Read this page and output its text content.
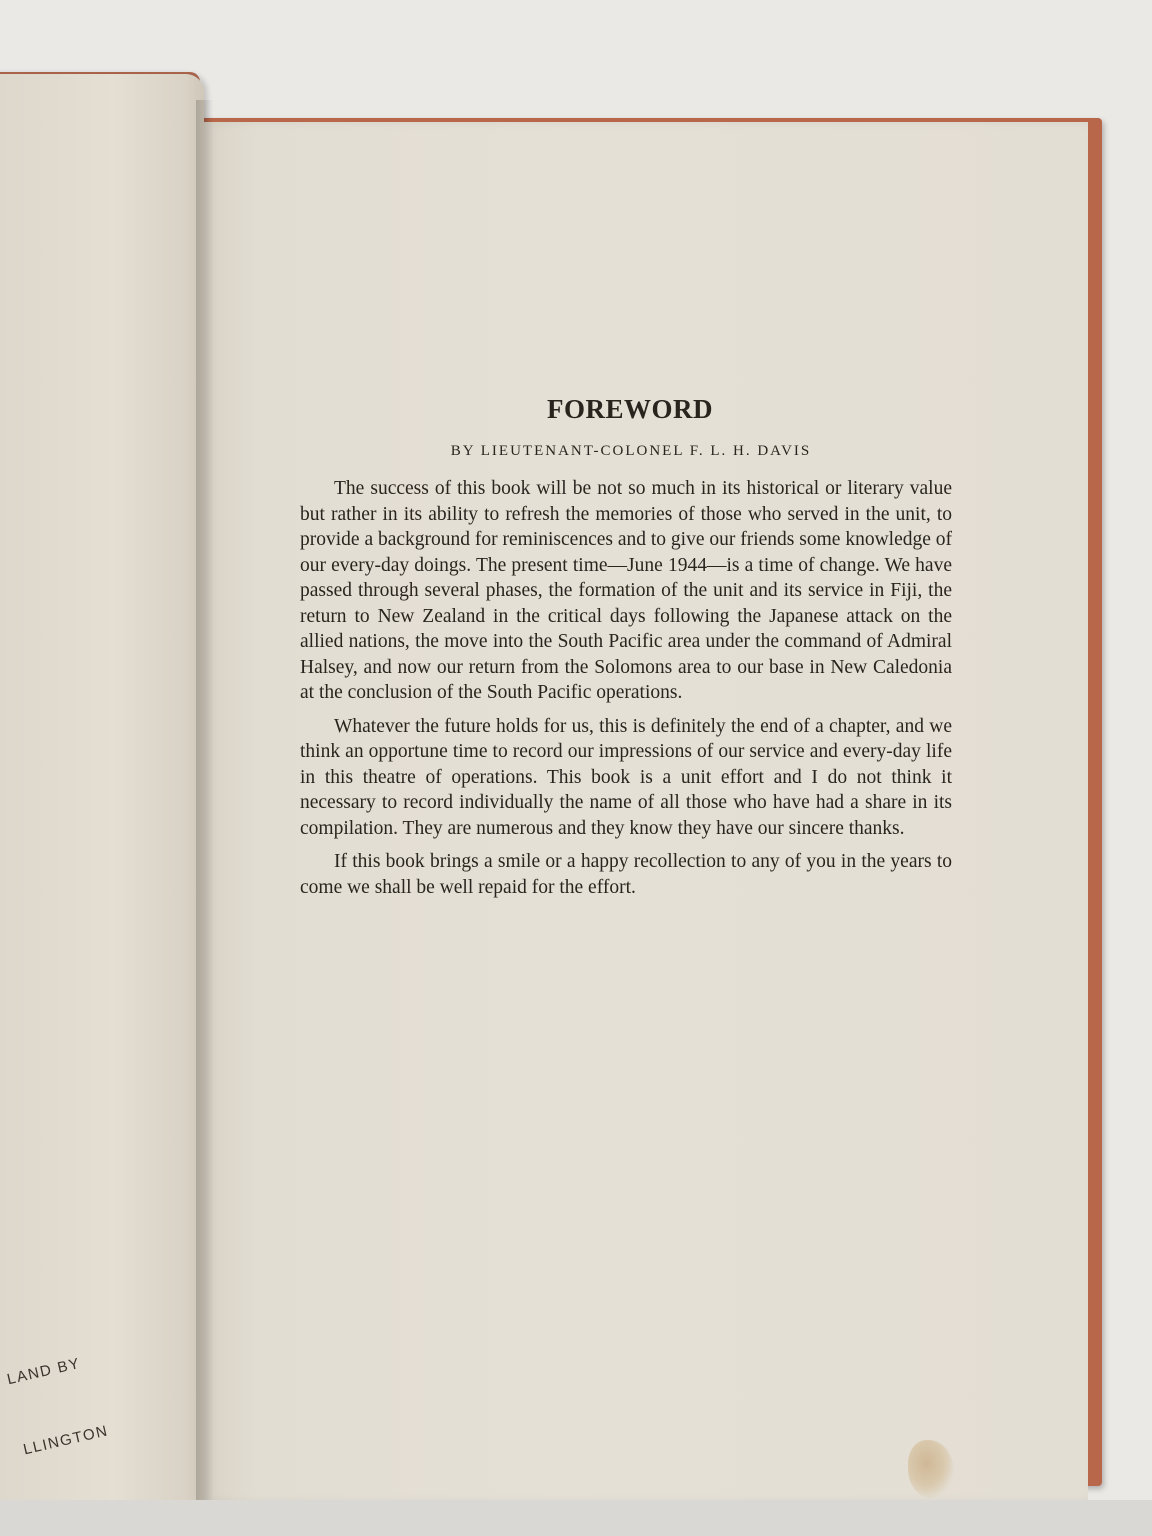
LAND BY

LLINGTON

FOREWORD
BY LIEUTENANT-COLONEL F. L. H. DAVIS

The success of this book will be not so much in its historical or literary value but rather in its ability to refresh the memories of those who served in the unit, to provide a background for reminiscences and to give our friends some knowledge of our every-day doings. The present time—June 1944—is a time of change. We have passed through several phases, the formation of the unit and its service in Fiji, the return to New Zealand in the critical days following the Japanese attack on the allied nations, the move into the South Pacific area under the command of Admiral Halsey, and now our return from the Solomons area to our base in New Caledonia at the conclusion of the South Pacific operations.

Whatever the future holds for us, this is definitely the end of a chapter, and we think an opportune time to record our impressions of our service and every-day life in this theatre of operations. This book is a unit effort and I do not think it necessary to record individually the name of all those who have had a share in its compilation. They are numerous and they know they have our sincere thanks.

If this book brings a smile or a happy recollection to any of you in the years to come we shall be well repaid for the effort.
